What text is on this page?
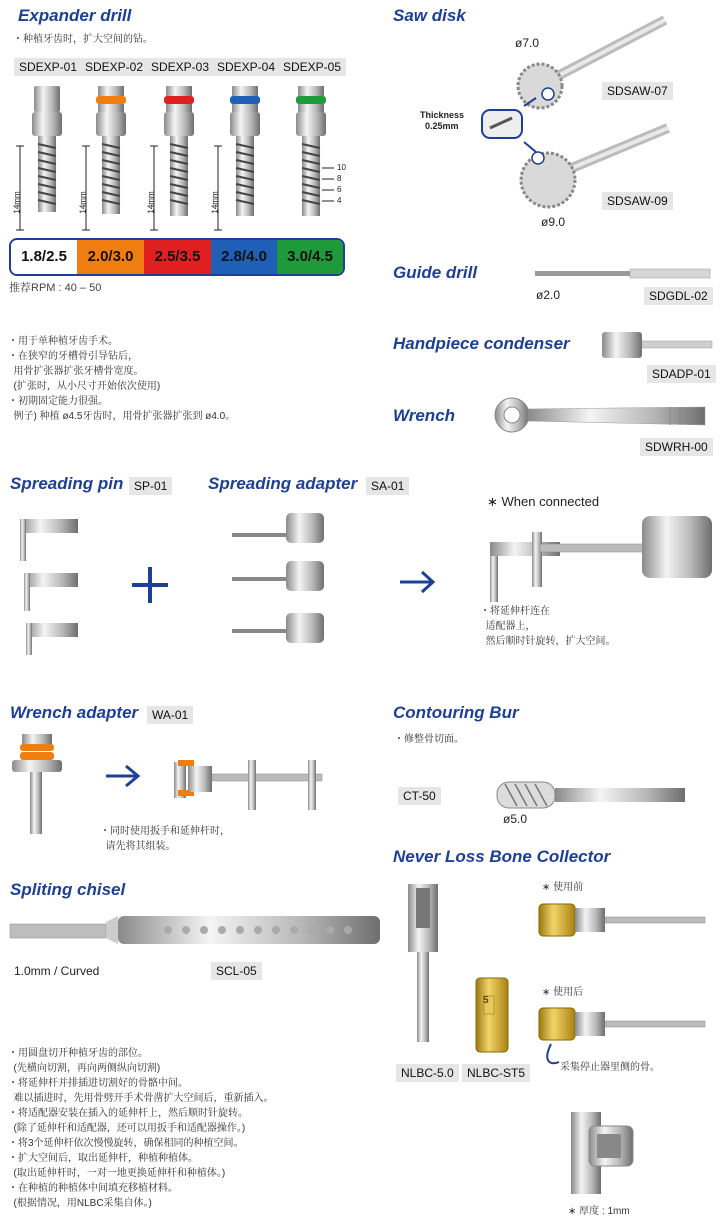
Expander drill
・种植牙齿时，扩大空间的钻。
SDEXP-01 SDEXP-02 SDEXP-03 SDEXP-04 SDEXP-05
14mm	14mm	14mm	14mm
10
8
6
4
1.8/2.5 2.0/3.0 2.5/3.5 2.8/4.0 3.0/4.5
推荐RPM : 40 – 50
・用于单种植牙齿手术。
・在狭窄的牙槽骨引导钻后，
用骨扩张器扩张牙槽骨宽度。
(扩张时，从小尺寸开始依次使用)
・初期固定能力很强。
例子) 种植 ø4.5牙齿时，用骨扩张器扩张到 ø4.0。
Saw disk
ø7.0
SDSAW-07
Thickness
0.25mm
SDSAW-09
ø9.0
Guide drill
ø2.0	SDGDL-02
Handpiece condenser
SDADP-01
Wrench
SDWRH-00
Spreading pin SP-01 Spreading adapter	SA-01
∗ When connected
・将延伸杆连在
适配器上，
然后顺时针旋转，扩大空间。
Wrench adapter	WA-01
・同时使用扳手和延伸杆时，
请先将其组装。
Contouring Bur
・修整骨切面。
CT-50
ø5.0
Never Loss Bone Collector
5
NLBC-5.0	NLBC-ST5
∗ 使用前
∗ 使用后
采集停止器里侧的骨。
∗ 厚度 : 1mm
Spliting chisel
1.0mm / Curved	SCL-05
・用圆盘切开种植牙齿的部位。
(先横向切割，再向两侧纵向切割)
・将延伸杆并排插进切割好的骨骼中间。
难以插进时，先用骨劈开手术骨凿扩大空间后，重新插入。
・将适配器安装在插入的延伸杆上，然后顺时针旋转。
(除了延伸杆和适配器，还可以用扳手和适配器操作。)
・将3个延伸杆依次慢慢旋转，确保相同的种植空间。
・扩大空间后，取出延伸杆，种植种植体。
(取出延伸杆时，一对一地更换延伸杆和种植体。)
・在种植的种植体中间填充移植材料。
(根据情况，用NLBC采集自体。)
